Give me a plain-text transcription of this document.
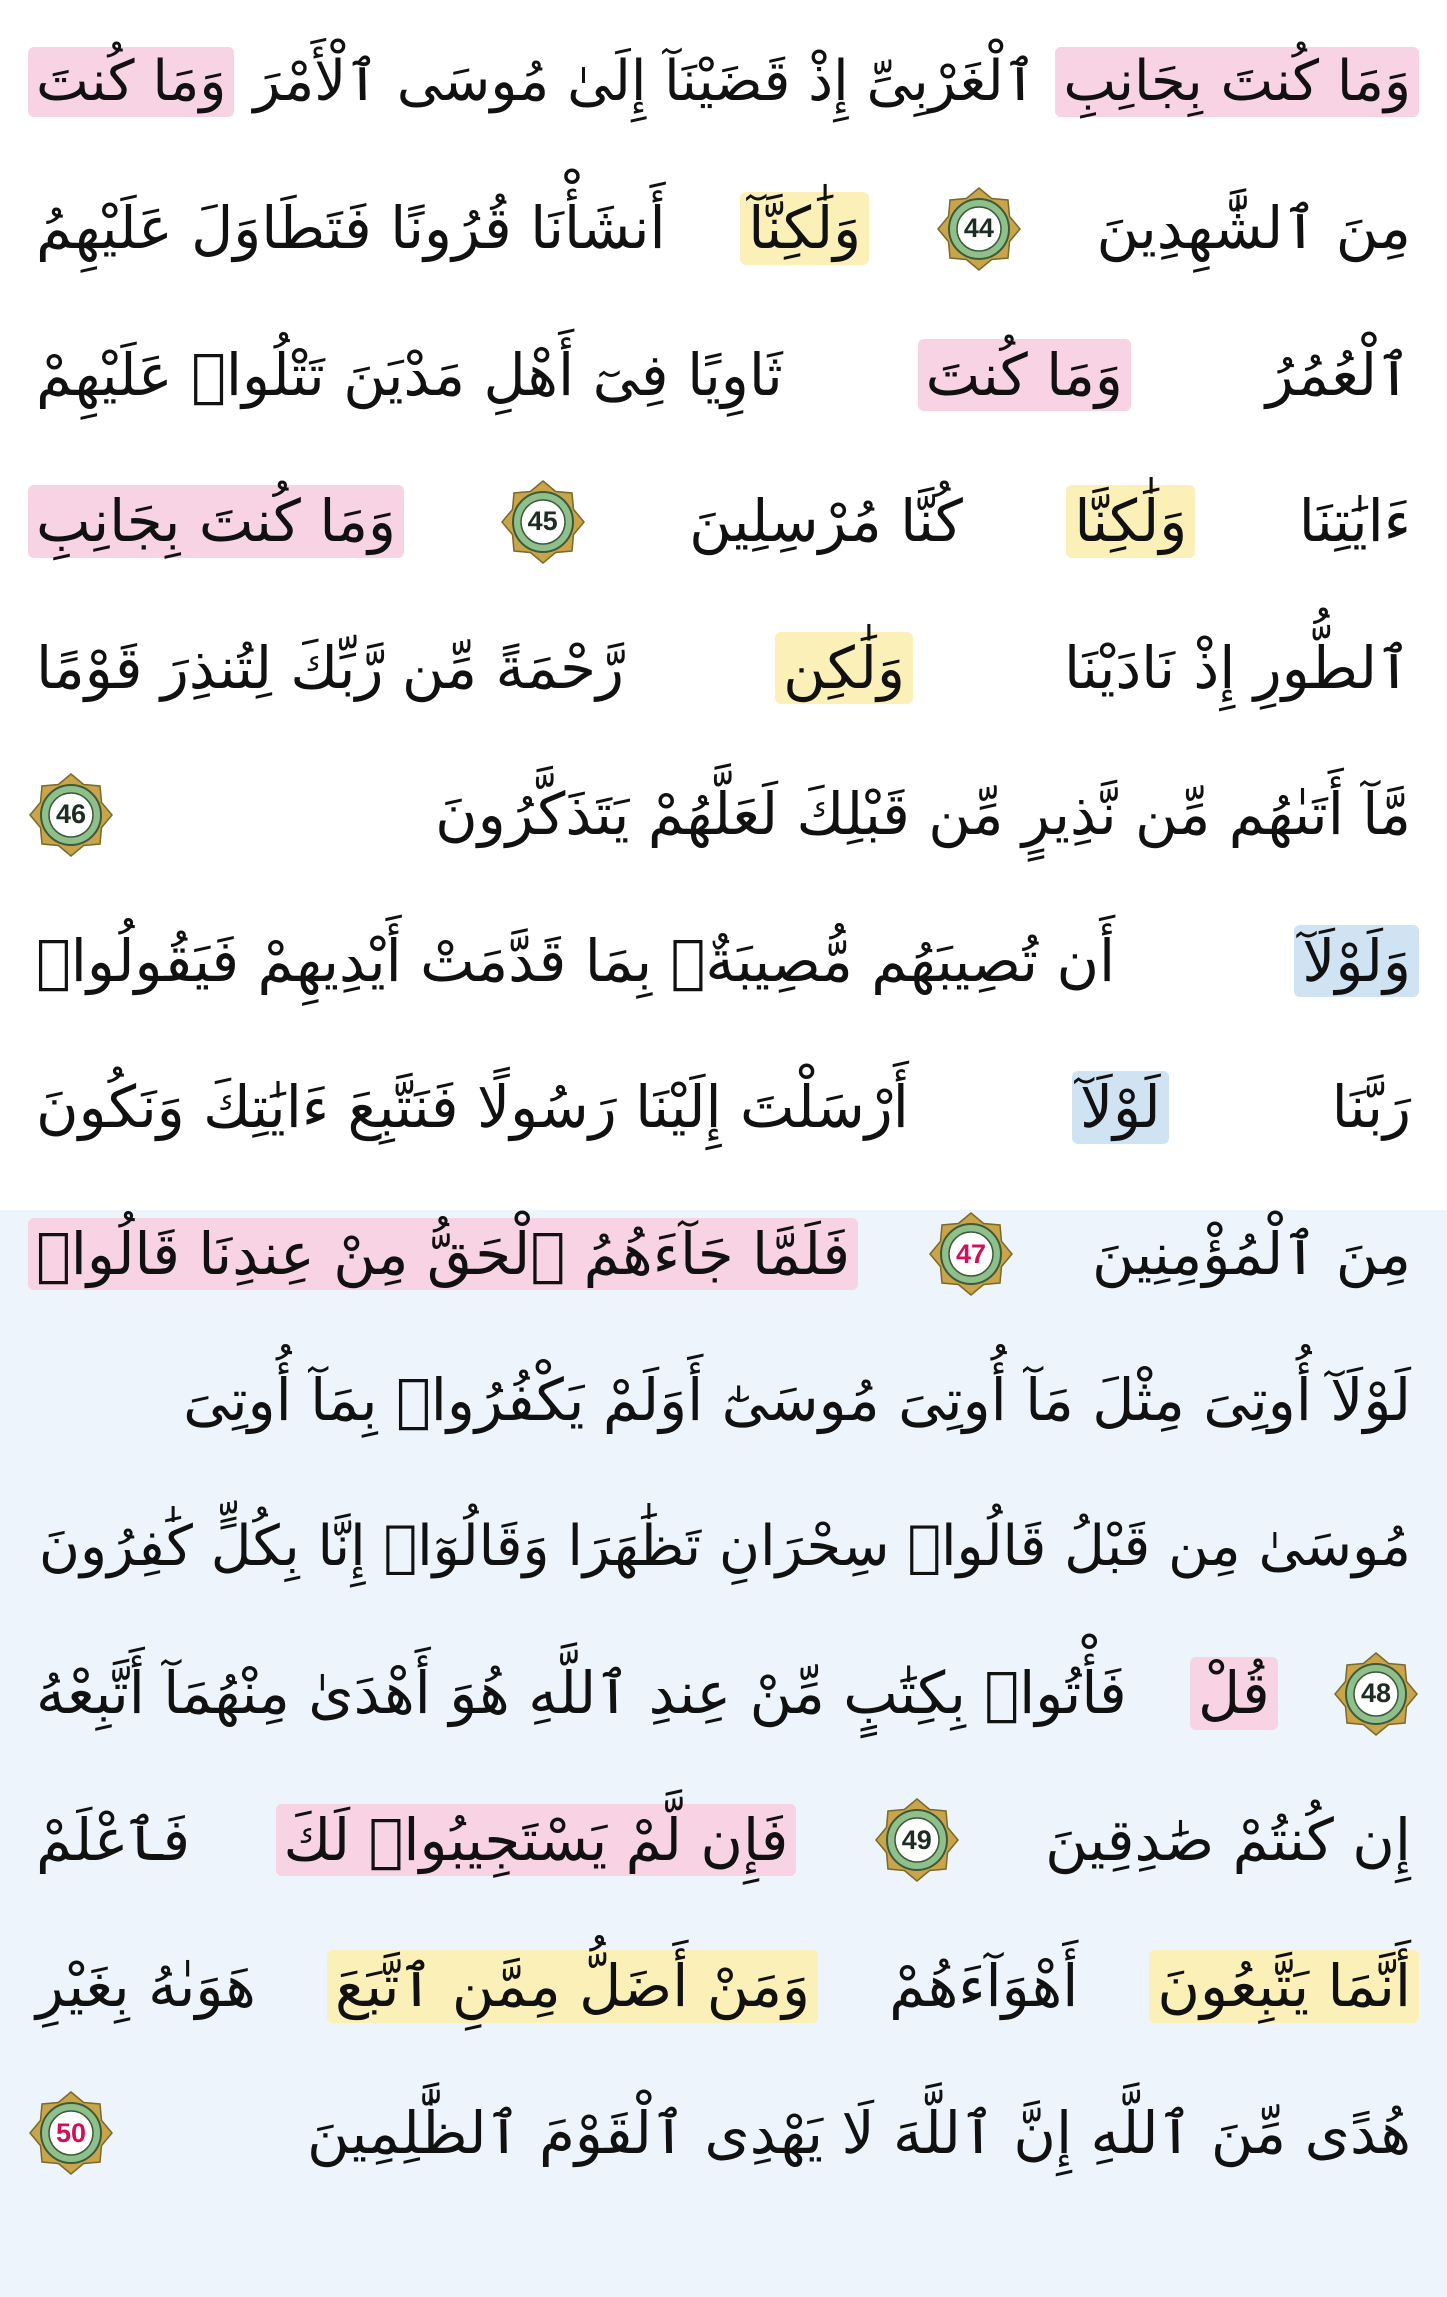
وَمَا كُنتَ بِجَانِبِ
ٱلْغَرْبِىِّ إِذْ قَضَيْنَآ إِلَىٰ مُوسَى ٱلْأَمْرَ
وَمَا كُنتَ
مِنَ ٱلشَّٰهِدِينَ
44
وَلَٰكِنَّآ
أَنشَأْنَا قُرُونًا فَتَطَاوَلَ عَلَيْهِمُ
ٱلْعُمُرُ
وَمَا كُنتَ
ثَاوِيًا فِىٓ أَهْلِ مَدْيَنَ تَتْلُوا۟ عَلَيْهِمْ
ءَايَٰتِنَا
وَلَٰكِنَّا
كُنَّا مُرْسِلِينَ
45
وَمَا كُنتَ بِجَانِبِ
ٱلطُّورِ إِذْ نَادَيْنَا
وَلَٰكِن
رَّحْمَةً مِّن رَّبِّكَ لِتُنذِرَ قَوْمًا
مَّآ أَتَىٰهُم مِّن نَّذِيرٍ مِّن قَبْلِكَ لَعَلَّهُمْ يَتَذَكَّرُونَ
46
وَلَوْلَآ
أَن تُصِيبَهُم مُّصِيبَةٌۢ بِمَا قَدَّمَتْ أَيْدِيهِمْ فَيَقُولُوا۟
رَبَّنَا
لَوْلَآ
أَرْسَلْتَ إِلَيْنَا رَسُولًا فَنَتَّبِعَ ءَايَٰتِكَ وَنَكُونَ
مِنَ ٱلْمُؤْمِنِينَ
47
فَلَمَّا جَآءَهُمُ ٱلْحَقُّ مِنْ عِندِنَا قَالُوا۟
لَوْلَآ أُوتِىَ مِثْلَ مَآ أُوتِىَ مُوسَىٰٓ أَوَلَمْ يَكْفُرُوا۟ بِمَآ أُوتِىَ
مُوسَىٰ مِن قَبْلُ قَالُوا۟ سِحْرَانِ تَظَٰهَرَا وَقَالُوٓا۟ إِنَّا بِكُلٍّ كَٰفِرُونَ
48
قُلْ
فَأْتُوا۟ بِكِتَٰبٍ مِّنْ عِندِ ٱللَّهِ هُوَ أَهْدَىٰ مِنْهُمَآ أَتَّبِعْهُ
إِن كُنتُمْ صَٰدِقِينَ
49
فَإِن لَّمْ يَسْتَجِيبُوا۟ لَكَ
فَٱعْلَمْ
أَنَّمَا يَتَّبِعُونَ
أَهْوَآءَهُمْ
وَمَنْ أَضَلُّ مِمَّنِ ٱتَّبَعَ
هَوَىٰهُ بِغَيْرِ
هُدًى مِّنَ ٱللَّهِ إِنَّ ٱللَّهَ لَا يَهْدِى ٱلْقَوْمَ ٱلظَّٰلِمِينَ
50
